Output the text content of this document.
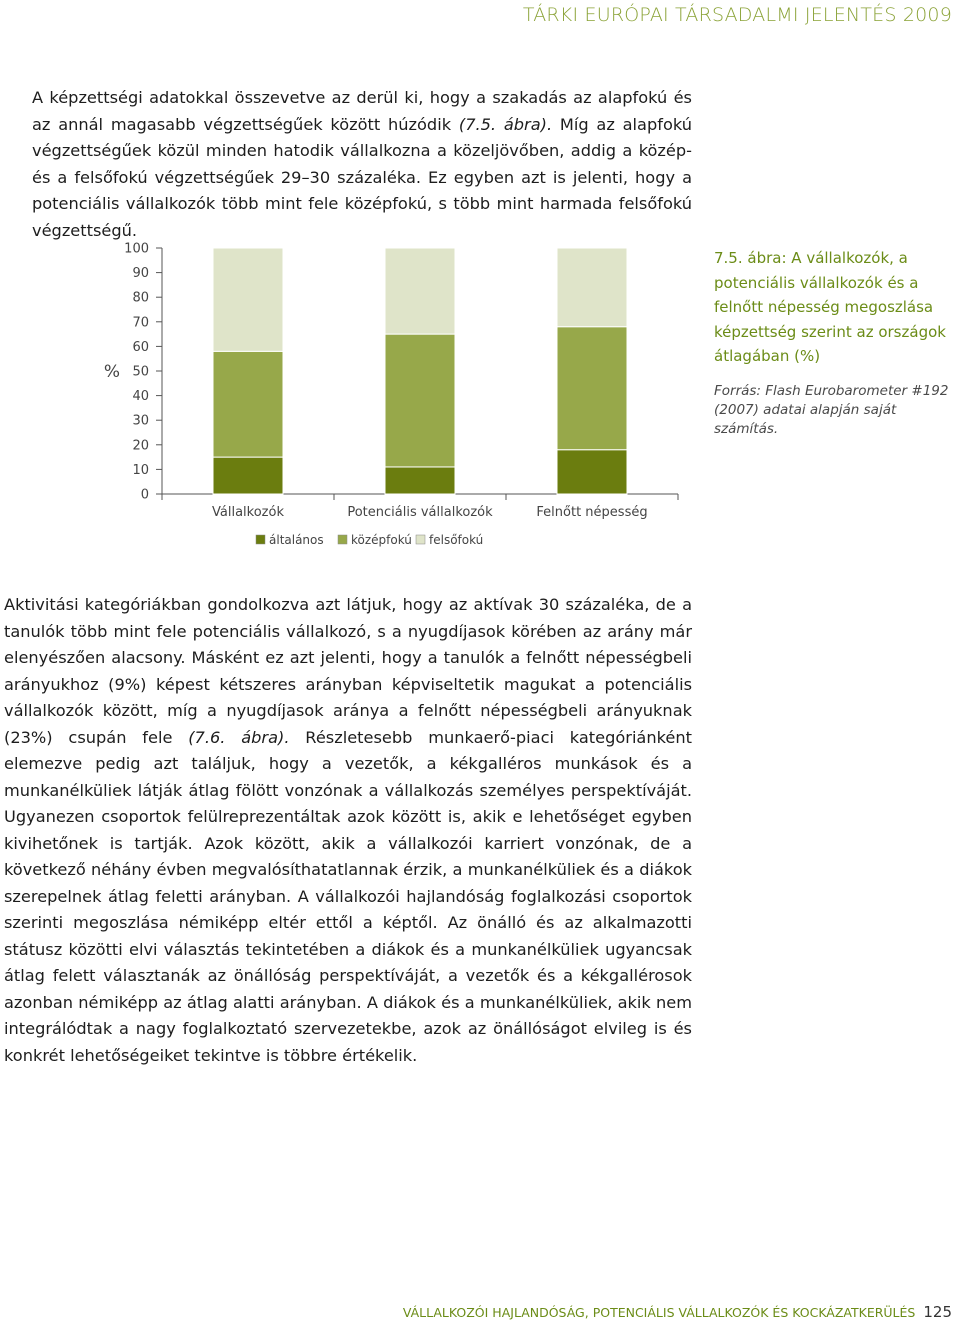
TÁRKI EURÓPAI TÁRSADALMI JELENTÉS 2009

A képzettségi adatokkal összevetve az derül ki, hogy a szakadás az alapfokú és az annál magasabb végzettségűek között húzódik (7.5. ábra). Míg az alapfokú végzettségűek közül minden hatodik vállalkozna a közeljövőben, addig a közép- és a felsőfokú végzettségűek 29–30 százaléka. Ez egyben azt is jelenti, hogy a potenciális vállalkozók több mint fele középfokú, s több mint harmada felsőfokú végzettségű.

100
90
80
70
60
50
40
30
20
10
0
%
Vállalkozók	Potenciális vállalkozók	Felnőtt népesség
általános középfokú felsőfokú
7.5. ábra: A vállalkozók, a potenciális vállalkozók és a felnőtt népesség megoszlása képzettség szerint az országok átlagában (%)
Forrás: Flash Eurobarometer #192 (2007) adatai alapján saját számítás.

Aktivitási kategóriákban gondolkozva azt látjuk, hogy az aktívak 30 százaléka, de a tanulók több mint fele potenciális vállalkozó, s a nyugdíjasok körében az arány már elenyészően alacsony. Másként ez azt jelenti, hogy a tanulók a felnőtt népességbeli arányukhoz (9%) képest kétszeres arányban képviseltetik magukat a potenciális vállalkozók között, míg a nyugdíjasok aránya a felnőtt népességbeli arányuknak (23%) csupán fele (7.6. ábra). Részletesebb munkaerő-piaci kategóriánként elemezve pedig azt találjuk, hogy a vezetők, a kékgalléros munkások és a munkanélküliek látják átlag fölött vonzónak a vállalkozás személyes perspektíváját. Ugyanezen csoportok felülreprezentáltak azok között is, akik e lehetőséget egyben kivihetőnek is tartják. Azok között, akik a vállalkozói karriert vonzónak, de a következő néhány évben megvalósíthatatlannak érzik, a munkanélküliek és a diákok szerepelnek átlag feletti arányban. A vállalkozói hajlandóság foglalkozási csoportok szerinti megoszlása némiképp eltér ettől a képtől. Az önálló és az alkalmazotti státusz közötti elvi választás tekintetében a diákok és a munkanélküliek ugyancsak átlag felett választanák az önállóság perspektíváját, a vezetők és a kékgallérosok azonban némiképp az átlag alatti arányban. A diákok és a munkanélküliek, akik nem integrálódtak a nagy foglalkoztató szervezetekbe, azok az önállóságot elvileg is és konkrét lehetőségeiket tekintve is többre értékelik.

VÁLLALKOZÓI HAJLANDÓSÁG, POTENCIÁLIS VÁLLALKOZÓK ÉS KOCKÁZATKERÜLÉS 125
